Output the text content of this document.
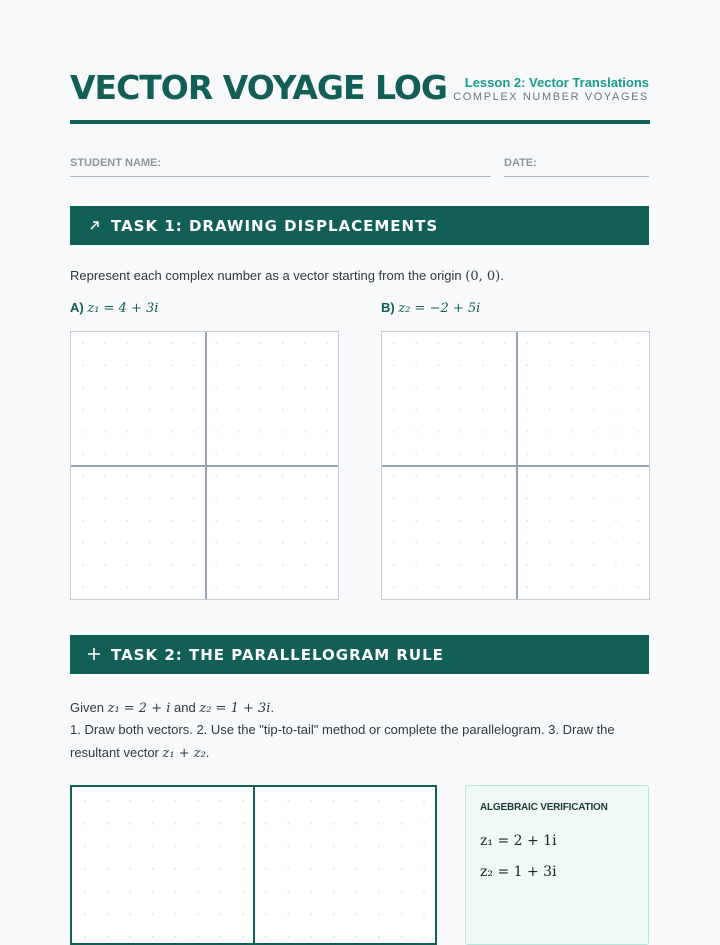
VECTOR VOYAGE LOG Lesson 2: Vector Translations
COMPLEX NUMBER VOYAGES
STUDENT NAME:	DATE:
TASK 1: DRAWING DISPLACEMENTS
Represent each complex number as a vector starting from the origin (0, 0).
A) z₁ = 4 + 3i	B) z₂ = −2 + 5i
TASK 2: THE PARALLELOGRAM RULE
Given z₁ = 2 + i and z₂ = 1 + 3i.
1. Draw both vectors. 2. Use the "tip-to-tail" method or complete the parallelogram. 3. Draw the
resultant vector z₁ + z₂.
ALGEBRAIC VERIFICATION
z₁ = 2 + 1i
z₂ = 1 + 3i
